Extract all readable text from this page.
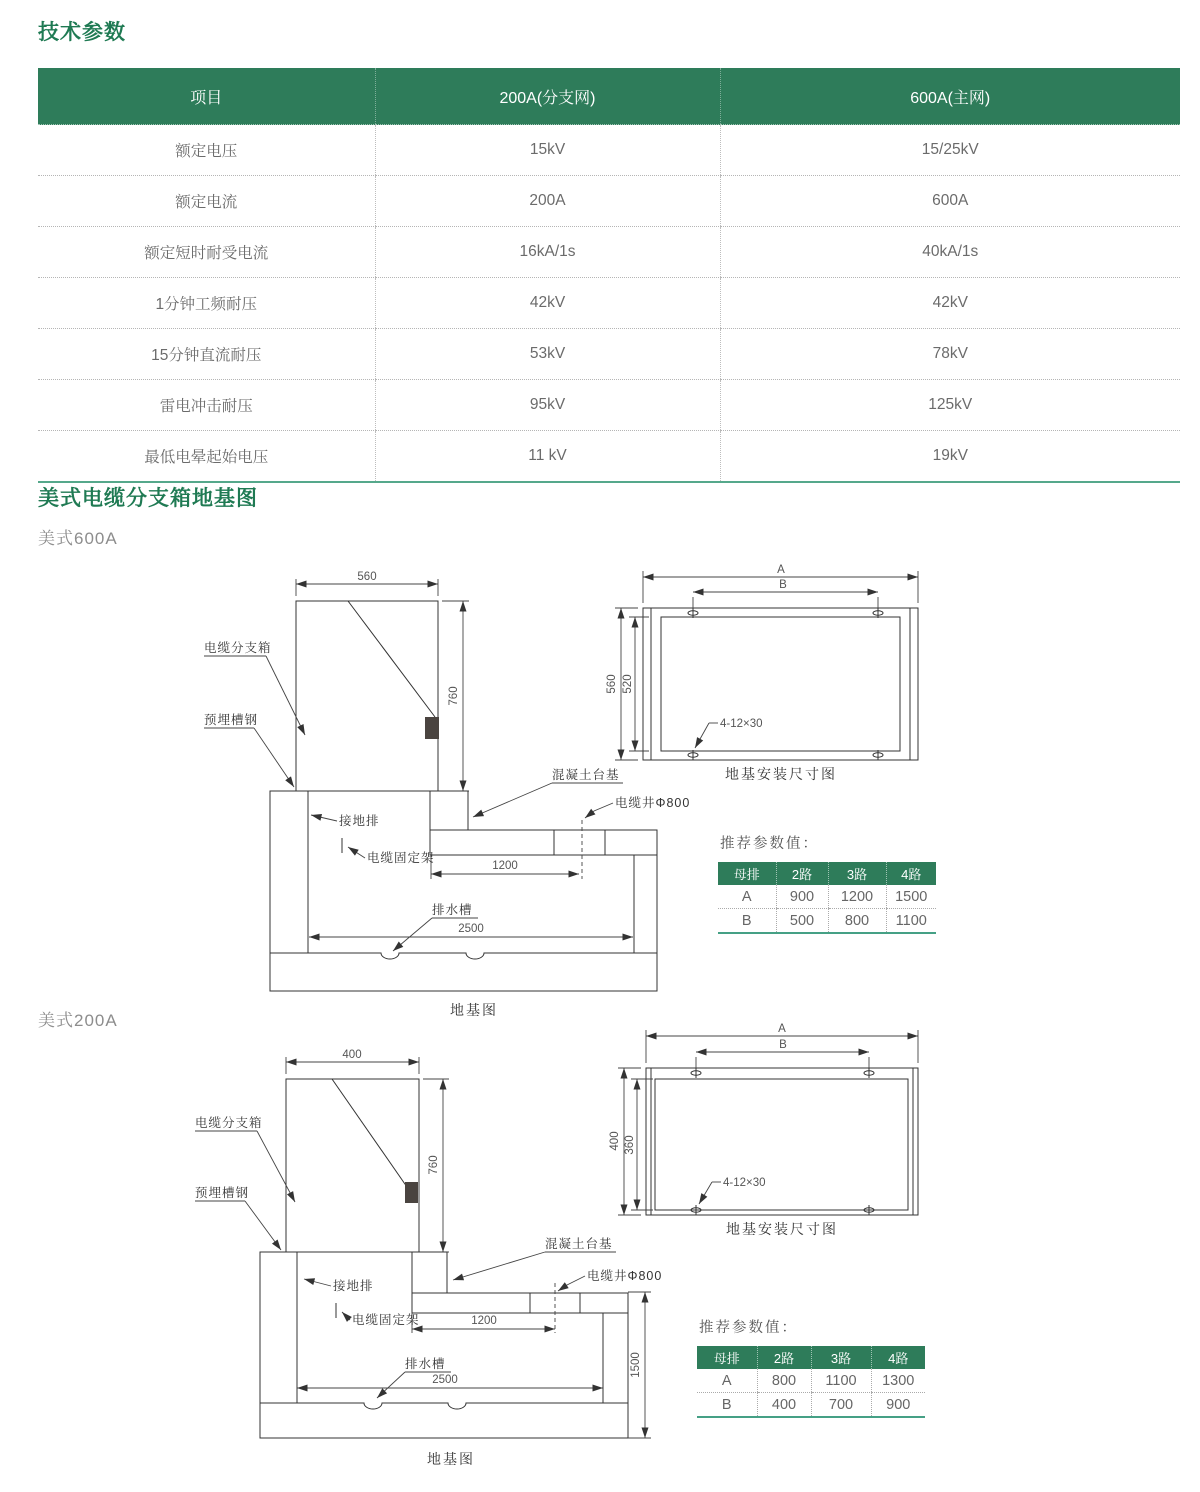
技术参数
项目	200A(分支网)	600A(主网)
额定电压	15kV	15/25kV
额定电流	200A	600A
额定短时耐受电流	16kA/1s	40kA/1s
1分钟工频耐压	42kV	42kV
15分钟直流耐压	53kV	78kV
雷电冲击耐压	95kV	125kV
最低电晕起始电压	11 kV	19kV
美式电缆分支箱地基图
美式600A
560
760
电缆分支箱
预埋槽钢
1200
2500
接地排
电缆固定架
混凝土台基
电缆井Φ800
排水槽
地基图
A
B
560 520
4-12×30
地基安装尺寸图
推荐参数值：
母排	2路	3路	4路
A	900	1200	1500
B	500	800	1100
美式200A
400
760
电缆分支箱
预埋槽钢
1200
2500
1500
接地排
电缆固定架
混凝土台基
电缆井Φ800
排水槽
地基图
A
B
400 360
4-12×30
地基安装尺寸图
推荐参数值：
母排	2路	3路	4路
A	800	1100	1300
B	400	700	900
